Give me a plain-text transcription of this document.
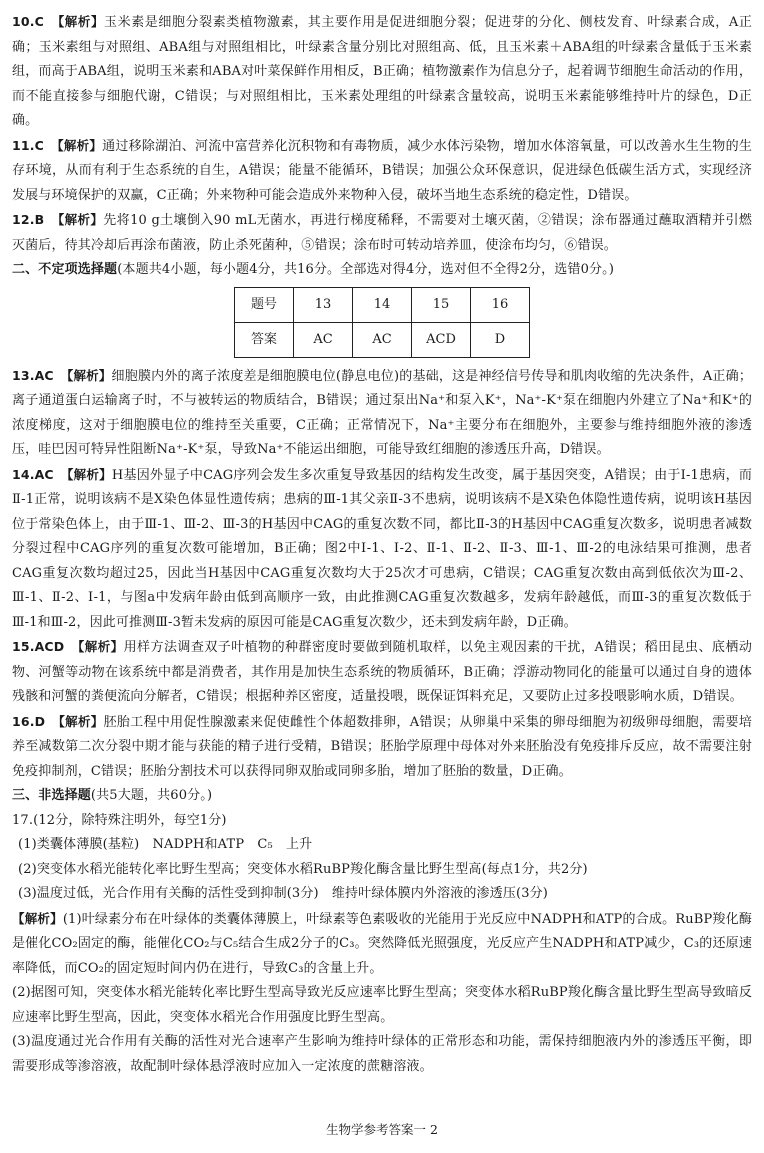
10.C　 【解析】玉米素是细胞分裂素类植物激素，其主要作用是促进细胞分裂；促进芽的分化、侧枝发育、叶绿素合成，A正确；玉米素组与对照组、ABA组与对照组相比，叶绿素含量分别比对照组高、低，且玉米素＋ABA组的叶绿素含量低于玉米素组，而高于ABA组，说明玉米素和ABA对叶菜保鲜作用相反，B正确；植物激素作为信息分子，起着调节细胞生命活动的作用，而不能直接参与细胞代谢，C错误；与对照组相比，玉米素处理组的叶绿素含量较高，说明玉米素能够维持叶片的绿色，D正确。

11.C　 【解析】通过移除湖泊、河流中富营养化沉积物和有毒物质，减少水体污染物，增加水体溶氧量，可以改善水生生物的生存环境，从而有利于生态系统的自生，A错误；能量不能循环，B错误；加强公众环保意识，促进绿色低碳生活方式，实现经济发展与环境保护的双赢，C正确；外来物种可能会造成外来物种入侵，破坏当地生态系统的稳定性，D错误。

12.B　 【解析】先将10 g土壤倒入90 mL无菌水，再进行梯度稀释，不需要对土壤灭菌，②错误；涂布器通过蘸取酒精并引燃灭菌后，待其冷却后再涂布菌液，防止杀死菌种，⑤错误；涂布时可转动培养皿，使涂布均匀，⑥错误。

二、不定项选择题(本题共4小题，每小题4分，共16分。全部选对得4分，选对但不全得2分，选错0分。)

题号	13	14	15	16
答案	AC	AC	ACD	D

13.AC　 【解析】细胞膜内外的离子浓度差是细胞膜电位(静息电位)的基础，这是神经信号传导和肌肉收缩的先决条件，A正确；离子通道蛋白运输离子时，不与被转运的物质结合，B错误；通过泵出Na⁺和泵入K⁺，Na⁺-K⁺泵在细胞内外建立了Na⁺和K⁺的浓度梯度，这对于细胞膜电位的维持至关重要，C正确；正常情况下，Na⁺主要分布在细胞外，主要参与维持细胞外液的渗透压，哇巴因可特异性阻断Na⁺-K⁺泵，导致Na⁺不能运出细胞，可能导致红细胞的渗透压升高，D错误。

14.AC　 【解析】H基因外显子中CAG序列会发生多次重复导致基因的结构发生改变，属于基因突变，A错误；由于Ⅰ-1患病，而Ⅱ-1正常，说明该病不是X染色体显性遗传病；患病的Ⅲ-1其父亲Ⅱ-3不患病，说明该病不是X染色体隐性遗传病，说明该H基因位于常染色体上，由于Ⅲ-1、Ⅲ-2、Ⅲ-3的H基因中CAG的重复次数不同，都比Ⅱ-3的H基因中CAG重复次数多，说明患者减数分裂过程中CAG序列的重复次数可能增加，B正确；图2中Ⅰ-1、Ⅰ-2、Ⅱ-1、Ⅱ-2、Ⅱ-3、Ⅲ-1、Ⅲ-2的电泳结果可推测，患者CAG重复次数均超过25，因此当H基因中CAG重复次数均大于25次才可患病，C错误；CAG重复次数由高到低依次为Ⅲ-2、Ⅲ-1、Ⅱ-2、Ⅰ-1，与图a中发病年龄由低到高顺序一致，由此推测CAG重复次数越多，发病年龄越低，而Ⅲ-3的重复次数低于Ⅲ-1和Ⅲ-2，因此可推测Ⅲ-3暂未发病的原因可能是CAG重复次数少，还未到发病年龄，D正确。

15.ACD　 【解析】用样方法调查双子叶植物的种群密度时要做到随机取样，以免主观因素的干扰，A错误；稻田昆虫、底栖动物、河蟹等动物在该系统中都是消费者，其作用是加快生态系统的物质循环，B正确；浮游动物同化的能量可以通过自身的遗体残骸和河蟹的粪便流向分解者，C错误；根据种养区密度，适量投喂，既保证饵料充足，又要防止过多投喂影响水质，D错误。

16.D　 【解析】胚胎工程中用促性腺激素来促使雌性个体超数排卵，A错误；从卵巢中采集的卵母细胞为初级卵母细胞，需要培养至减数第二次分裂中期才能与获能的精子进行受精，B错误；胚胎学原理中母体对外来胚胎没有免疫排斥反应，故不需要注射免疫抑制剂，C错误；胚胎分割技术可以获得同卵双胎或同卵多胎，增加了胚胎的数量，D正确。

三、非选择题(共5大题，共60分。)

17.(12分，除特殊注明外，每空1分)

(1)类囊体薄膜(基粒)　NADPH和ATP　C₅　上升

(2)突变体水稻光能转化率比野生型高；突变体水稻RuBP羧化酶含量比野生型高(每点1分，共2分)

(3)温度过低，光合作用有关酶的活性受到抑制(3分)　维持叶绿体膜内外溶液的渗透压(3分)

【解析】(1)叶绿素分布在叶绿体的类囊体薄膜上，叶绿素等色素吸收的光能用于光反应中NADPH和ATP的合成。RuBP羧化酶是催化CO₂固定的酶，能催化CO₂与C₅结合生成2分子的C₃。突然降低光照强度，光反应产生NADPH和ATP减少，C₃的还原速率降低，而CO₂的固定短时间内仍在进行，导致C₃的含量上升。

(2)据图可知，突变体水稻光能转化率比野生型高导致光反应速率比野生型高；突变体水稻RuBP羧化酶含量比野生型高导致暗反应速率比野生型高，因此，突变体水稻光合作用强度比野生型高。

(3)温度通过光合作用有关酶的活性对光合速率产生影响为维持叶绿体的正常形态和功能，需保持细胞液内外的渗透压平衡，即需要形成等渗溶液，故配制叶绿体悬浮液时应加入一定浓度的蔗糖溶液。

生物学参考答案一 2
